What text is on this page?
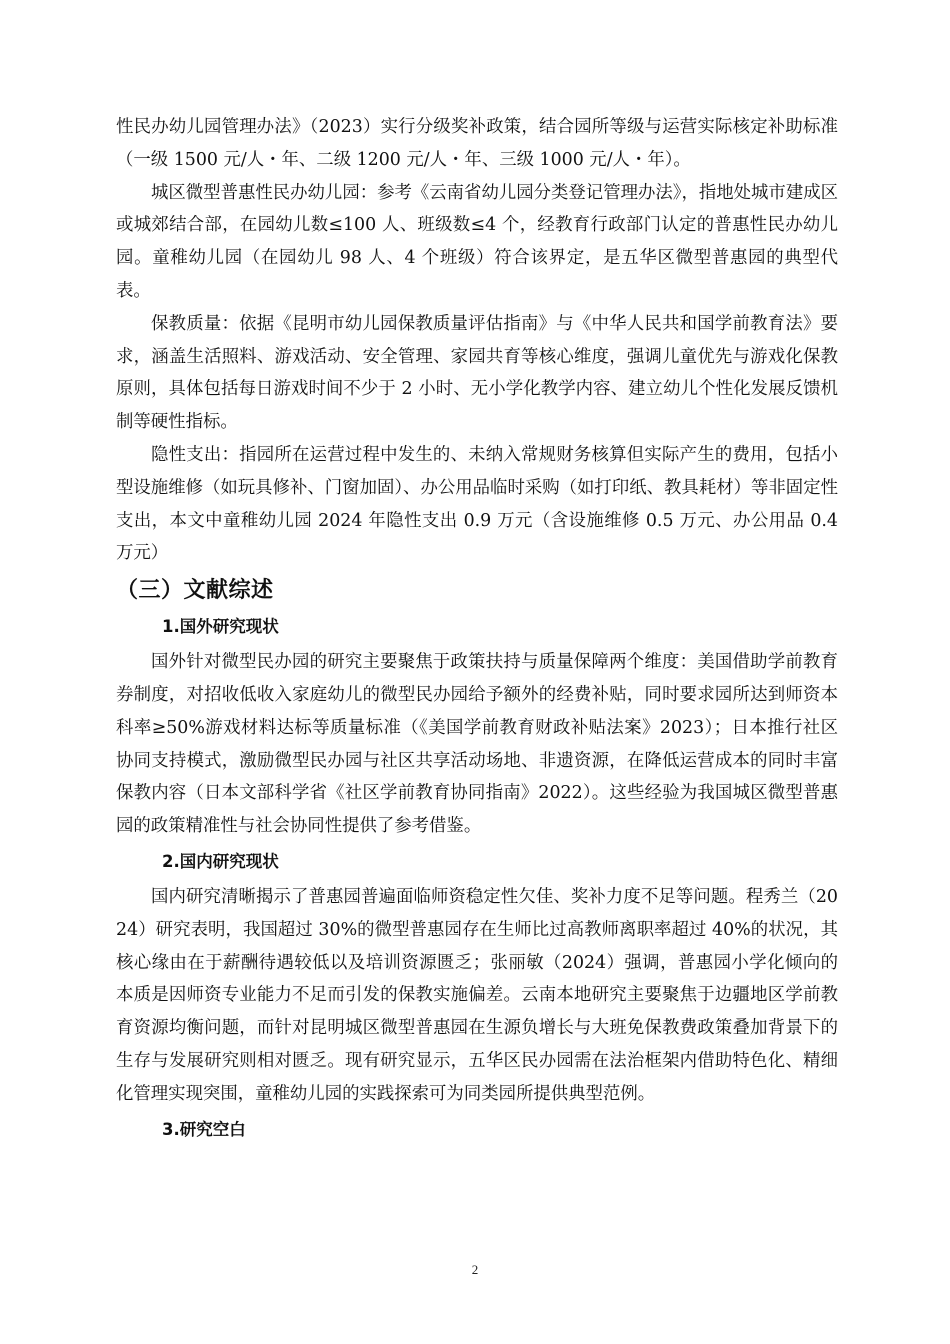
性民办幼儿园管理办法》（2023）实行分级奖补政策，结合园所等级与运营实际核定补助标准（一级 1500 元/人・年、二级 1200 元/人・年、三级 1000 元/人・年）。

城区微型普惠性民办幼儿园：参考《云南省幼儿园分类登记管理办法》，指地处城市建成区或城郊结合部，在园幼儿数≤100 人、班级数≤4 个，经教育行政部门认定的普惠性民办幼儿园。童稚幼儿园（在园幼儿 98 人、4 个班级）符合该界定，是五华区微型普惠园的典型代表。

保教质量：依据《昆明市幼儿园保教质量评估指南》与《中华人民共和国学前教育法》要求，涵盖生活照料、游戏活动、安全管理、家园共育等核心维度，强调儿童优先与游戏化保教原则，具体包括每日游戏时间不少于 2 小时、无小学化教学内容、建立幼儿个性化发展反馈机制等硬性指标。

隐性支出：指园所在运营过程中发生的、未纳入常规财务核算但实际产生的费用，包括小型设施维修（如玩具修补、门窗加固）、办公用品临时采购（如打印纸、教具耗材）等非固定性支出，本文中童稚幼儿园 2024 年隐性支出 0.9 万元（含设施维修 0.5 万元、办公用品 0.4 万元）

（三）文献综述
1.国外研究现状

国外针对微型民办园的研究主要聚焦于政策扶持与质量保障两个维度：美国借助学前教育券制度，对招收低收入家庭幼儿的微型民办园给予额外的经费补贴，同时要求园所达到师资本科率≥50%游戏材料达标等质量标准（《美国学前教育财政补贴法案》2023）；日本推行社区协同支持模式，激励微型民办园与社区共享活动场地、非遗资源，在降低运营成本的同时丰富保教内容（日本文部科学省《社区学前教育协同指南》2022）。这些经验为我国城区微型普惠园的政策精准性与社会协同性提供了参考借鉴。

2.国内研究现状

国内研究清晰揭示了普惠园普遍面临师资稳定性欠佳、奖补力度不足等问题。程秀兰（2024）研究表明，我国超过 30%的微型普惠园存在生师比过高教师离职率超过 40%的状况，其核心缘由在于薪酬待遇较低以及培训资源匮乏；张丽敏（2024）强调，普惠园小学化倾向的本质是因师资专业能力不足而引发的保教实施偏差。云南本地研究主要聚焦于边疆地区学前教育资源均衡问题，而针对昆明城区微型普惠园在生源负增长与大班免保教费政策叠加背景下的生存与发展研究则相对匮乏。现有研究显示，五华区民办园需在法治框架内借助特色化、精细化管理实现突围，童稚幼儿园的实践探索可为同类园所提供典型范例。

3.研究空白
2
